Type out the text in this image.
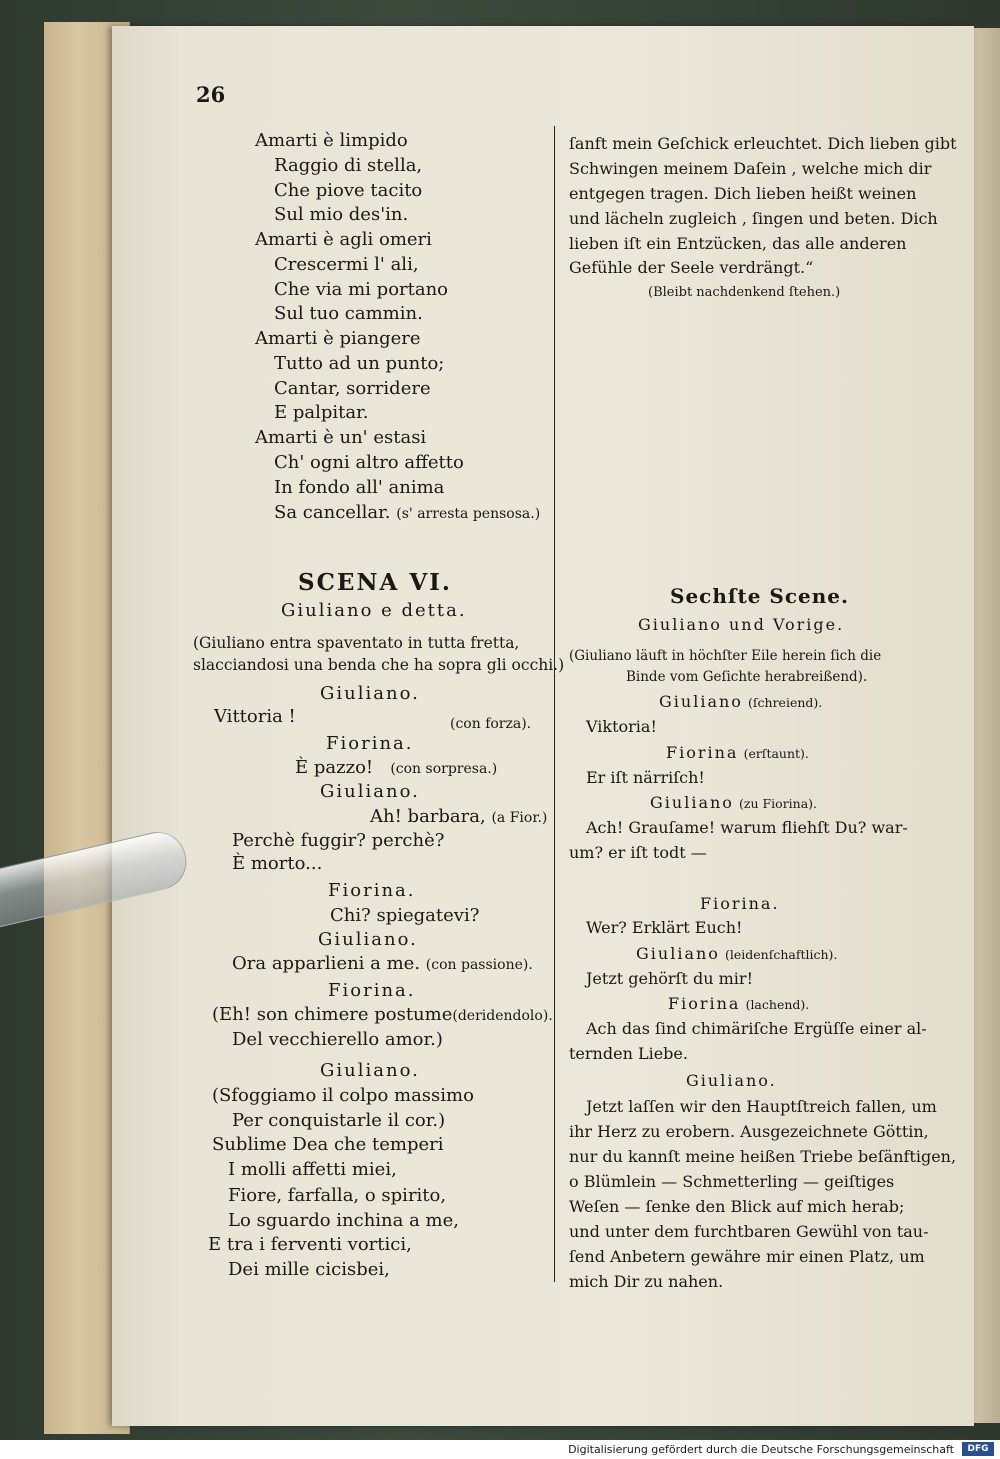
26
Amarti è limpido
Raggio di stella,
Che piove tacito
Sul mio des'in.
Amarti è agli omeri
Crescermi l' ali,
Che via mi portano
Sul tuo cammin.
Amarti è piangere
Tutto ad un punto;
Cantar, sorridere
E palpitar.
Amarti è un' estasi
Ch' ogni altro affetto
In fondo all' anima
Sa cancellar. (s' arresta pensosa.)
SCENA VI.
Giuliano e detta.
(Giuliano entra spaventato in tutta fretta,
slacciandosi una benda che ha sopra gli occhi.)
Giuliano.
Vittoria !	(con forza).
Fiorina.
È pazzo! (con sorpresa.)
Giuliano.
Ah! barbara, (a Fior.)
Perchè fuggir? perchè?
È morto...
Fiorina.
Chi? spiegatevi?
Giuliano.
Ora apparlieni a me. (con passione).
Fiorina.
(Eh! son chimere postume(deridendolo).
Del vecchierello amor.)
Giuliano.
(Sfoggiamo il colpo massimo
Per conquistarle il cor.)
Sublime Dea che temperi
I molli affetti miei,
Fiore, farfalla, o spirito,
Lo sguardo inchina a me,
E tra i ferventi vortici,
Dei mille cicisbei,
ſanft mein Geſchick erleuchtet. Dich lieben gibt
Schwingen meinem Daſein , welche mich dir
entgegen tragen. Dich lieben heißt weinen
und lächeln zugleich , ſingen und beten. Dich
lieben iſt ein Entzücken, das alle anderen
Gefühle der Seele verdrängt.“
(Bleibt nachdenkend ſtehen.)
Sechſte Scene.
Giuliano und Vorige.
(Giuliano läuft in höchſter Eile herein ſich die
Binde vom Geſichte herabreißend).
Giuliano (ſchreiend).
Viktoria!
Fiorina (erſtaunt).
Er iſt närriſch!
Giuliano (zu Fiorina).
Ach! Grauſame! warum fliehſt Du? war-
um? er iſt todt —
Fiorina.
Wer? Erklärt Euch!
Giuliano (leidenſchaftlich).
Jetzt gehörſt du mir!
Fiorina (lachend).
Ach das ſind chimäriſche Ergüſſe einer al-
ternden Liebe.
Giuliano.
Jetzt laſſen wir den Hauptſtreich fallen, um
ihr Herz zu erobern. Ausgezeichnete Göttin,
nur du kannſt meine heißen Triebe beſänftigen,
o Blümlein — Schmetterling — geiſtiges
Weſen — ſenke den Blick auf mich herab;
und unter dem furchtbaren Gewühl von tau-
ſend Anbetern gewähre mir einen Platz, um
mich Dir zu nahen.
Digitalisierung gefördert durch die Deutsche Forschungsgemeinschaft	DFG
